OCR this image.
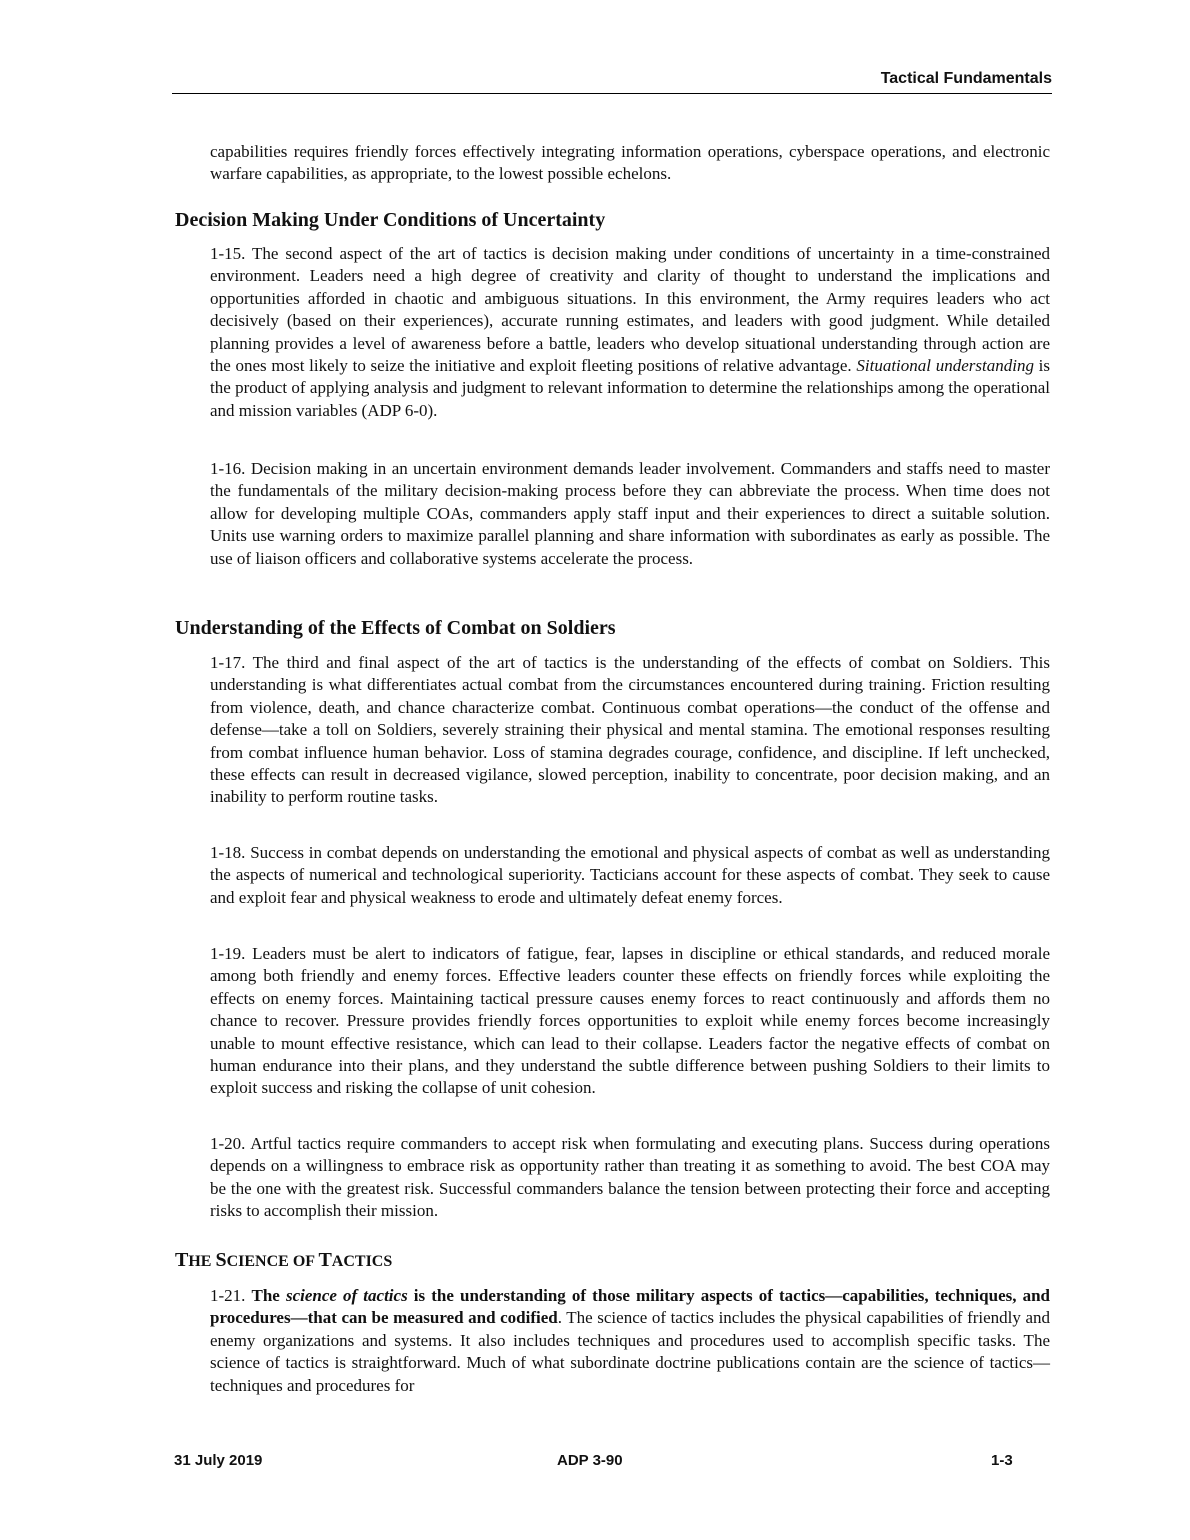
Tactical Fundamentals

capabilities requires friendly forces effectively integrating information operations, cyberspace operations, and electronic warfare capabilities, as appropriate, to the lowest possible echelons.

Decision Making Under Conditions of Uncertainty

1-15. The second aspect of the art of tactics is decision making under conditions of uncertainty in a time-constrained environment. Leaders need a high degree of creativity and clarity of thought to understand the implications and opportunities afforded in chaotic and ambiguous situations. In this environment, the Army requires leaders who act decisively (based on their experiences), accurate running estimates, and leaders with good judgment. While detailed planning provides a level of awareness before a battle, leaders who develop situational understanding through action are the ones most likely to seize the initiative and exploit fleeting positions of relative advantage. Situational understanding is the product of applying analysis and judgment to relevant information to determine the relationships among the operational and mission variables (ADP 6-0).

1-16. Decision making in an uncertain environment demands leader involvement. Commanders and staffs need to master the fundamentals of the military decision-making process before they can abbreviate the process. When time does not allow for developing multiple COAs, commanders apply staff input and their experiences to direct a suitable solution. Units use warning orders to maximize parallel planning and share information with subordinates as early as possible. The use of liaison officers and collaborative systems accelerate the process.

Understanding of the Effects of Combat on Soldiers

1-17. The third and final aspect of the art of tactics is the understanding of the effects of combat on Soldiers. This understanding is what differentiates actual combat from the circumstances encountered during training. Friction resulting from violence, death, and chance characterize combat. Continuous combat operations—the conduct of the offense and defense—take a toll on Soldiers, severely straining their physical and mental stamina. The emotional responses resulting from combat influence human behavior. Loss of stamina degrades courage, confidence, and discipline. If left unchecked, these effects can result in decreased vigilance, slowed perception, inability to concentrate, poor decision making, and an inability to perform routine tasks.

1-18. Success in combat depends on understanding the emotional and physical aspects of combat as well as understanding the aspects of numerical and technological superiority. Tacticians account for these aspects of combat. They seek to cause and exploit fear and physical weakness to erode and ultimately defeat enemy forces.

1-19. Leaders must be alert to indicators of fatigue, fear, lapses in discipline or ethical standards, and reduced morale among both friendly and enemy forces. Effective leaders counter these effects on friendly forces while exploiting the effects on enemy forces. Maintaining tactical pressure causes enemy forces to react continuously and affords them no chance to recover. Pressure provides friendly forces opportunities to exploit while enemy forces become increasingly unable to mount effective resistance, which can lead to their collapse. Leaders factor the negative effects of combat on human endurance into their plans, and they understand the subtle difference between pushing Soldiers to their limits to exploit success and risking the collapse of unit cohesion.

1-20. Artful tactics require commanders to accept risk when formulating and executing plans. Success during operations depends on a willingness to embrace risk as opportunity rather than treating it as something to avoid. The best COA may be the one with the greatest risk. Successful commanders balance the tension between protecting their force and accepting risks to accomplish their mission.

THE SCIENCE OF TACTICS

1-21. The science of tactics is the understanding of those military aspects of tactics—capabilities, techniques, and procedures—that can be measured and codified. The science of tactics includes the physical capabilities of friendly and enemy organizations and systems. It also includes techniques and procedures used to accomplish specific tasks. The science of tactics is straightforward. Much of what subordinate doctrine publications contain are the science of tactics—techniques and procedures for

31 July 2019	ADP 3-90	1-3
